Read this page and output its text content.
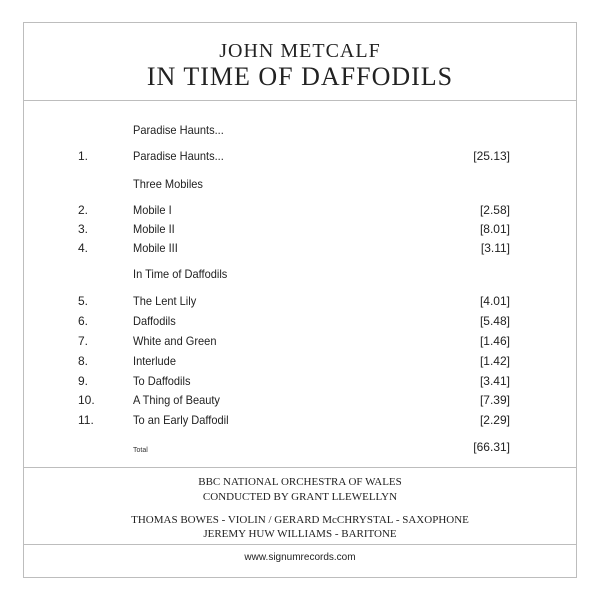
JOHN METCALF
IN TIME OF DAFFODILS
Paradise Haunts...
Three Mobiles
In Time of Daffodils
1.	Paradise Haunts...	[25.13]
2.	Mobile I	[2.58]
3.	Mobile II	[8.01]
4.	Mobile III	[3.11]
5.	The Lent Lily	[4.01]
6.	Daffodils	[5.48]
7.	White and Green	[1.46]
8.	Interlude	[1.42]
9.	To Daffodils	[3.41]
10.	A Thing of Beauty	[7.39]
11.	To an Early Daffodil	[2.29]
Total	[66.31]
BBC NATIONAL ORCHESTRA OF WALES
CONDUCTED BY GRANT LLEWELLYN
THOMAS BOWES - VIOLIN / GERARD McCHRYSTAL - SAXOPHONE
JEREMY HUW WILLIAMS - BARITONE
www.signumrecords.com
